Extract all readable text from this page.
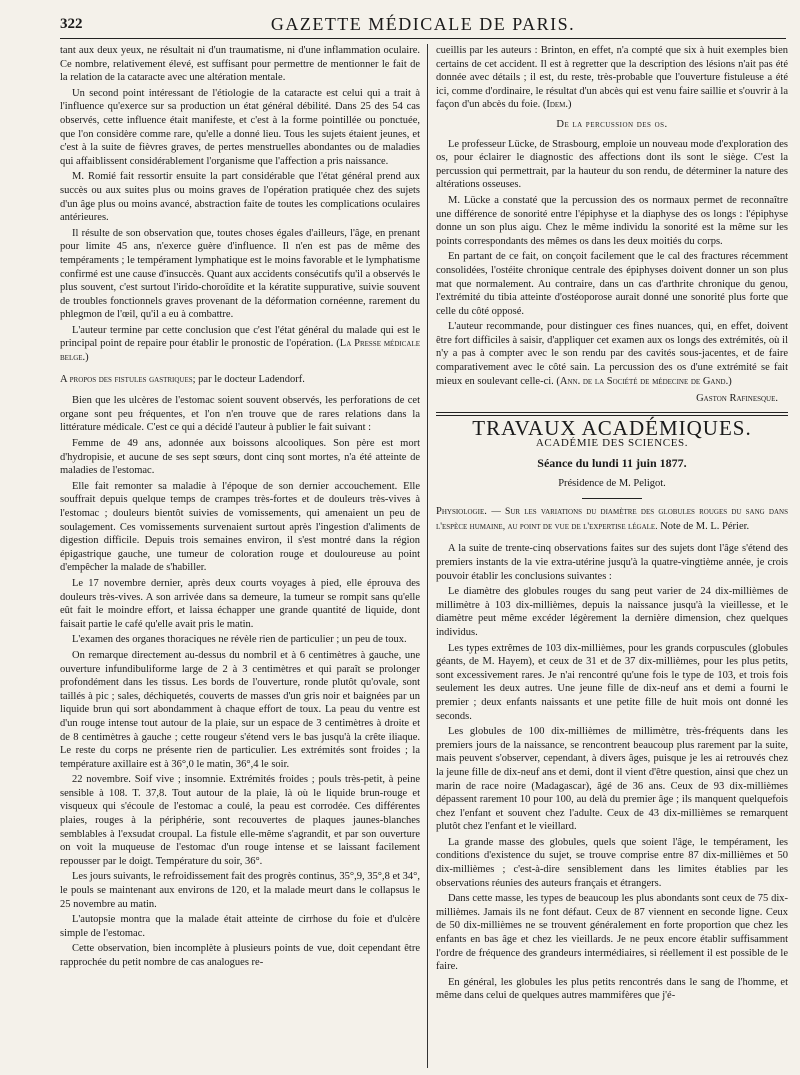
322	GAZETTE MÉDICALE DE PARIS.

tant aux deux yeux, ne résultait ni d'un traumatisme, ni d'une inflammation oculaire. Ce nombre, relativement élevé, est suffisant pour permettre de mentionner le fait de la relation de la cataracte avec une altération mentale.

Un second point intéressant de l'étiologie de la cataracte est celui qui a trait à l'influence qu'exerce sur sa production un état général débilité. Dans 25 des 54 cas observés, cette influence était manifeste, et c'est à la forme pointillée ou ponctuée, que l'on considère comme rare, qu'elle a donné lieu. Tous les sujets étaient jeunes, et c'est à la suite de fièvres graves, de pertes menstruelles abondantes ou de maladies qui affaiblissent considérablement l'organisme que l'affection a pris naissance.

M. Romié fait ressortir ensuite la part considérable que l'état général prend aux succès ou aux suites plus ou moins graves de l'opération pratiquée chez des sujets d'un âge plus ou moins avancé, abstraction faite de toutes les complications oculaires antérieures.

Il résulte de son observation que, toutes choses égales d'ailleurs, l'âge, en prenant pour limite 45 ans, n'exerce guère d'influence. Il n'en est pas de même des tempéraments ; le tempérament lymphatique est le moins favorable et le lymphatisme confirmé est une cause d'insuccès. Quant aux accidents consécutifs qu'il a observés le plus souvent, c'est surtout l'irido-choroïdite et la kératite suppurative, suivie souvent de troubles fonctionnels graves provenant de la déformation cornéenne, rarement du phlegmon de l'œil, qu'il a eu à combattre.

L'auteur termine par cette conclusion que c'est l'état général du malade qui est le principal point de repaire pour établir le pronostic de l'opération. (La Presse médicale belge.)

A propos des fistules gastriques; par le docteur Ladendorf.

Bien que les ulcères de l'estomac soient souvent observés, les perforations de cet organe sont peu fréquentes, et l'on n'en trouve que de rares relations dans la littérature médicale. C'est ce qui a décidé l'auteur à publier le fait suivant :

Femme de 49 ans, adonnée aux boissons alcooliques. Son père est mort d'hydropisie, et aucune de ses sept sœurs, dont cinq sont mortes, n'a été atteinte de maladies de l'estomac.

Elle fait remonter sa maladie à l'époque de son dernier accouchement. Elle souffrait depuis quelque temps de crampes très-fortes et de douleurs très-vives à l'estomac ; douleurs bientôt suivies de vomissements, qui amenaient un peu de soulagement. Ces vomissements survenaient surtout après l'ingestion d'aliments de digestion difficile. Depuis trois semaines environ, il s'est montré dans la région épigastrique gauche, une tumeur de coloration rouge et douloureuse au point d'empêcher la malade de s'habiller.

Le 17 novembre dernier, après deux courts voyages à pied, elle éprouva des douleurs très-vives. A son arrivée dans sa demeure, la tumeur se rompit sans qu'elle eût fait le moindre effort, et laissa échapper une grande quantité de liquide, dont faisait partie le café qu'elle avait pris le matin.

L'examen des organes thoraciques ne révèle rien de particulier ; un peu de toux.

On remarque directement au-dessus du nombril et à 6 centimètres à gauche, une ouverture infundibuliforme large de 2 à 3 centimètres et qui paraît se prolonger profondément dans les tissus. Les bords de l'ouverture, ronde plutôt qu'ovale, sont taillés à pic ; sales, déchiquetés, couverts de masses d'un gris noir et baignées par un liquide brun qui sort abondamment à chaque effort de toux. La peau du ventre est d'un rouge intense tout autour de la plaie, sur un espace de 3 centimètres à droite et de 8 centimètres à gauche ; cette rougeur s'étend vers le bas jusqu'à la crête iliaque. Le reste du corps ne présente rien de particulier. Les extrémités sont froides ; la température axillaire est à 36°,0 le matin, 36°,4 le soir.

22 novembre. Soif vive ; insomnie. Extrémités froides ; pouls très-petit, à peine sensible à 108. T. 37,8. Tout autour de la plaie, là où le liquide brun-rouge et visqueux qui s'écoule de l'estomac a coulé, la peau est corrodée. Ces différentes plaies, rouges à la périphérie, sont recouvertes de plaques jaunes-blanches semblables à l'exsudat croupal. La fistule elle-même s'agrandit, et par son ouverture on voit la muqueuse de l'estomac d'un rouge intense et se laissant facilement repousser par le doigt. Température du soir, 36°.

Les jours suivants, le refroidissement fait des progrès continus, 35°,9, 35°,8 et 34°, le pouls se maintenant aux environs de 120, et la malade meurt dans le collapsus le 25 novembre au matin.

L'autopsie montra que la malade était atteinte de cirrhose du foie et d'ulcère simple de l'estomac.

Cette observation, bien incomplète à plusieurs points de vue, doit cependant être rapprochée du petit nombre de cas analogues re-

cueillis par les auteurs : Brinton, en effet, n'a compté que six à huit exemples bien certains de cet accident. Il est à regretter que la description des lésions n'ait pas été donnée avec détails ; il est, du reste, très-probable que l'ouverture fistuleuse a été ici, comme d'ordinaire, le résultat d'un abcès qui est venu faire saillie et s'ouvrir à la façon d'un abcès du foie. (Idem.)

De la percussion des os.

Le professeur Lücke, de Strasbourg, emploie un nouveau mode d'exploration des os, pour éclairer le diagnostic des affections dont ils sont le siège. C'est la percussion qui permettrait, par la hauteur du son rendu, de déterminer la nature des altérations osseuses.

M. Lücke a constaté que la percussion des os normaux permet de reconnaître une différence de sonorité entre l'épiphyse et la diaphyse des os longs : l'épiphyse donne un son plus aigu. Chez le même individu la sonorité est la même sur les points correspondants des mêmes os dans les deux moitiés du corps.

En partant de ce fait, on conçoit facilement que le cal des fractures récemment consolidées, l'ostéite chronique centrale des épiphyses doivent donner un son plus mat que normalement. Au contraire, dans un cas d'arthrite chronique du genou, l'extrémité du tibia atteinte d'ostéoporose aurait donné une sonorité plus forte que celle du côté opposé.

L'auteur recommande, pour distinguer ces fines nuances, qui, en effet, doivent être fort difficiles à saisir, d'appliquer cet examen aux os longs des extrémités, où il n'y a pas à compter avec le son rendu par des cavités sous-jacentes, et de faire comparativement avec le côté sain. La percussion des os d'une extrémité se fait mieux en soulevant celle-ci. (Ann. de la Société de médecine de Gand.)

Gaston Rafinesque.
TRAVAUX ACADÉMIQUES.
ACADÉMIE DES SCIENCES.
Séance du lundi 11 juin 1877.
Présidence de M. Peligot.

Physiologie. — Sur les variations du diamètre des globules rouges du sang dans l'espèce humaine, au point de vue de l'expertise légale. Note de M. L. Périer.

A la suite de trente-cinq observations faites sur des sujets dont l'âge s'étend des premiers instants de la vie extra-utérine jusqu'à la quatre-vingtième année, je crois pouvoir établir les conclusions suivantes :

Le diamètre des globules rouges du sang peut varier de 24 dix-millièmes de millimètre à 103 dix-millièmes, depuis la naissance jusqu'à la vieillesse, et le diamètre peut même excéder légèrement la dernière dimension, chez quelques individus.

Les types extrêmes de 103 dix-millièmes, pour les grands corpuscules (globules géants, de M. Hayem), et ceux de 31 et de 37 dix-millièmes, pour les plus petits, sont excessivement rares. Je n'ai rencontré qu'une fois le type de 103, et trois fois seulement les deux autres. Une jeune fille de dix-neuf ans et demi a fourni le premier ; deux enfants naissants et une petite fille de huit mois ont donné les seconds.

Les globules de 100 dix-millièmes de millimètre, très-fréquents dans les premiers jours de la naissance, se rencontrent beaucoup plus rarement par la suite, mais peuvent s'observer, cependant, à divers âges, puisque je les ai retrouvés chez la jeune fille de dix-neuf ans et demi, dont il vient d'être question, ainsi que chez un marin de race noire (Madagascar), âgé de 36 ans. Ceux de 93 dix-millièmes dépassent rarement 10 pour 100, au delà du premier âge ; ils manquent quelquefois chez l'enfant et souvent chez l'adulte. Ceux de 43 dix-millièmes se remarquent plutôt chez l'enfant et le vieillard.

La grande masse des globules, quels que soient l'âge, le tempérament, les conditions d'existence du sujet, se trouve comprise entre 87 dix-millièmes et 50 dix-millièmes ; c'est-à-dire sensiblement dans les limites établies par les observations réunies des auteurs français et étrangers.

Dans cette masse, les types de beaucoup les plus abondants sont ceux de 75 dix-millièmes. Jamais ils ne font défaut. Ceux de 87 viennent en seconde ligne. Ceux de 50 dix-millièmes ne se trouvent généralement en forte proportion que chez les enfants en bas âge et chez les vieillards. Je ne peux encore établir suffisamment l'ordre de fréquence des grandeurs intermédiaires, si réellement il est possible de le faire.

En général, les globules les plus petits rencontrés dans le sang de l'homme, et même dans celui de quelques autres mammifères que j'é-
